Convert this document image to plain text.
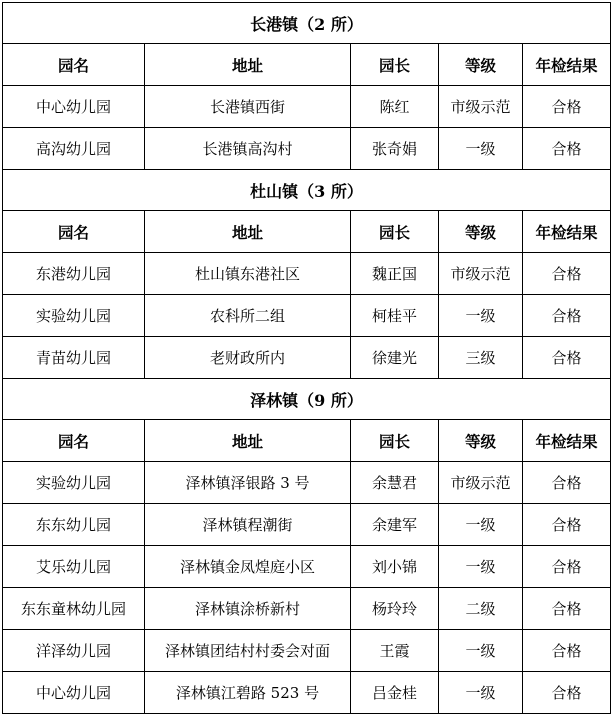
长港镇（2 所）				
园名	地址	园长	等级	年检结果
中心幼儿园	长港镇西街	陈红	市级示范	合格
高沟幼儿园	长港镇高沟村	张奇娟	一级	合格
杜山镇（3 所）				
园名	地址	园长	等级	年检结果
东港幼儿园	杜山镇东港社区	魏正国	市级示范	合格
实验幼儿园	农科所二组	柯桂平	一级	合格
青苗幼儿园	老财政所内	徐建光	三级	合格
泽林镇（9 所）				
园名	地址	园长	等级	年检结果
实验幼儿园	泽林镇泽银路 3 号	余慧君	市级示范	合格
东东幼儿园	泽林镇程潮街	余建军	一级	合格
艾乐幼儿园	泽林镇金凤煌庭小区	刘小锦	一级	合格
东东童林幼儿园	泽林镇涂桥新村	杨玲玲	二级	合格
洋泽幼儿园	泽林镇团结村村委会对面	王霞	一级	合格
中心幼儿园	泽林镇江碧路 523 号	吕金桂	一级	合格
